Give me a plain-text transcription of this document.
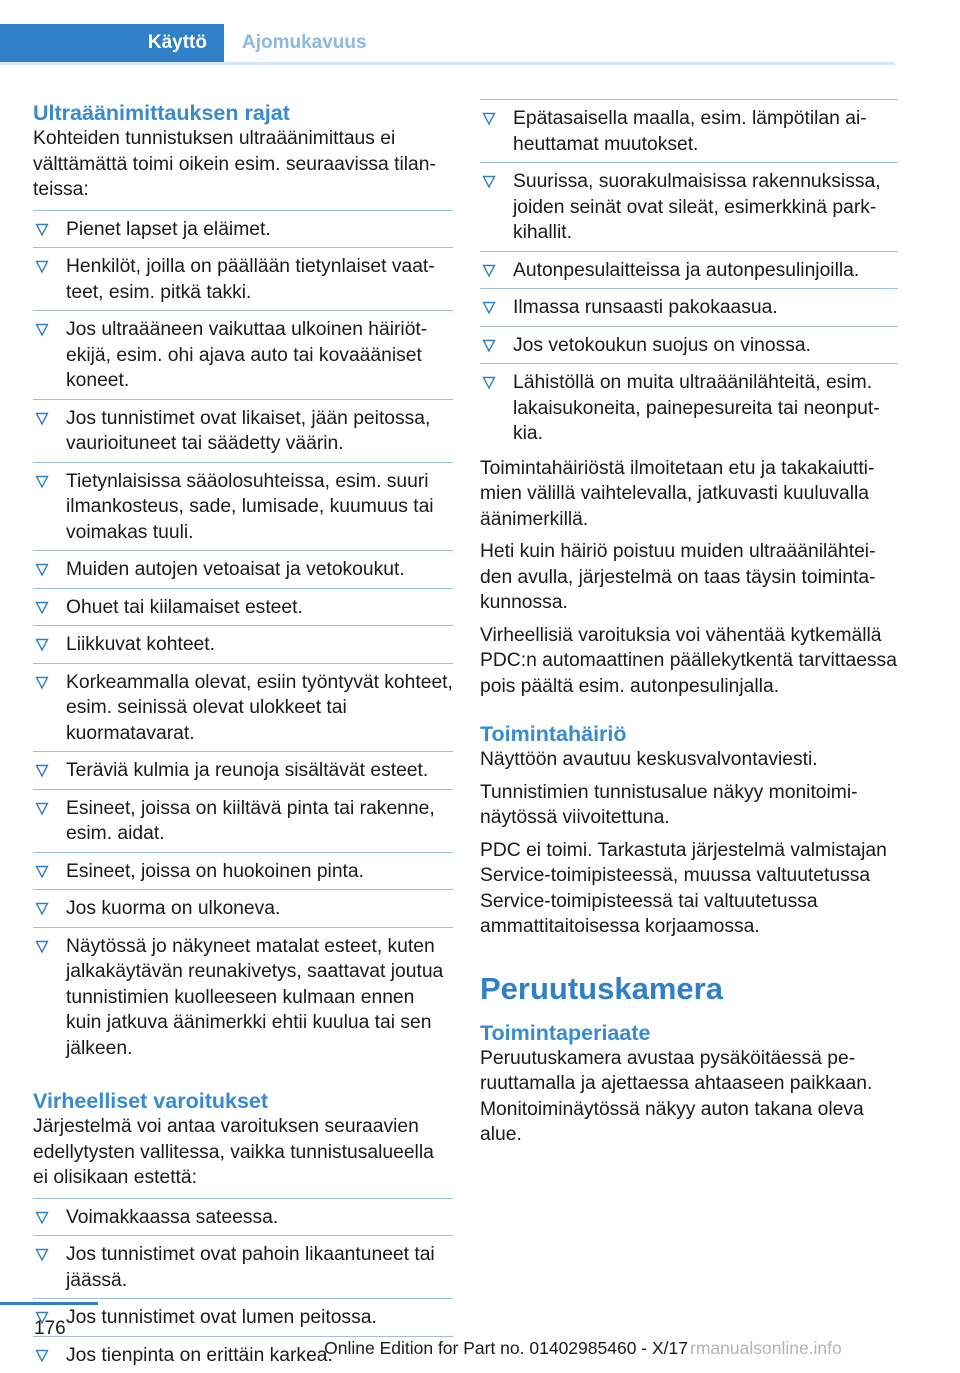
Käyttö Ajomukavuus
Ultraäänimittauksen rajat

Kohteiden tunnistuksen ultraäänimittaus ei välttämättä toimi oikein esim. seuraavissa tilanteissa:

Pienet lapset ja eläimet.
Henkilöt, joilla on päällään tietynlaiset vaatteet, esim. pitkä takki.
Jos ultraääneen vaikuttaa ulkoinen häiriötekijä, esim. ohi ajava auto tai kovaääniset koneet.
Jos tunnistimet ovat likaiset, jään peitossa, vaurioituneet tai säädetty väärin.
Tietynlaisissa sääolosuhteissa, esim. suuri ilmankosteus, sade, lumisade, kuumuus tai voimakas tuuli.
Muiden autojen vetoaisat ja vetokoukut.
Ohuet tai kiilamaiset esteet.
Liikkuvat kohteet.
Korkeammalla olevat, esiin työntyvät kohteet, esim. seinissä olevat ulokkeet tai kuormatavarat.
Teräviä kulmia ja reunoja sisältävät esteet.
Esineet, joissa on kiiltävä pinta tai rakenne, esim. aidat.
Esineet, joissa on huokoinen pinta.
Jos kuorma on ulkoneva.
Näytössä jo näkyneet matalat esteet, kuten jalkakäytävän reunakivetys, saattavat joutua tunnistimien kuolleeseen kulmaan ennen kuin jatkuva äänimerkki ehtii kuulua tai sen jälkeen.
Virheelliset varoitukset

Järjestelmä voi antaa varoituksen seuraavien edellytysten vallitessa, vaikka tunnistusalueella ei olisikaan estettä:

Voimakkaassa sateessa.
Jos tunnistimet ovat pahoin likaantuneet tai jäässä.
Jos tunnistimet ovat lumen peitossa.
Jos tienpinta on erittäin karkea.
Epätasaisella maalla, esim. lämpötilan aiheuttamat muutokset.
Suurissa, suorakulmaisissa rakennuksissa, joiden seinät ovat sileät, esimerkkinä parkkihallit.
Autonpesulaitteissa ja autonpesulinjoilla.
Ilmassa runsaasti pakokaasua.
Jos vetokoukun suojus on vinossa.
Lähistöllä on muita ultraäänilähteitä, esim. lakaisukoneita, painepesureita tai neonputkia.

Toimintahäiriöstä ilmoitetaan etu ja takakaiuttimien välillä vaihtelevalla, jatkuvasti kuuluvalla äänimerkillä.

Heti kuin häiriö poistuu muiden ultraäänilähteiden avulla, järjestelmä on taas täysin toimintakunnossa.

Virheellisiä varoituksia voi vähentää kytkemällä PDC:n automaattinen päällekytkentä tarvittaessa pois päältä esim. autonpesulinjalla.

Toimintahäiriö

Näyttöön avautuu keskusvalvontaviesti.

Tunnistimien tunnistusalue näkyy monitoiminäytössä viivoitettuna.

PDC ei toimi. Tarkastuta järjestelmä valmistajan Service-toimipisteessä, muussa valtuutetussa Service-toimipisteessä tai valtuutetussa ammattitaitoisessa korjaamossa.

Peruutuskamera
Toimintaperiaate

Peruutuskamera avustaa pysäköitäessä peruuttamalla ja ajettaessa ahtaaseen paikkaan. Monitoiminäytössä näkyy auton takana oleva alue.

176
Online Edition for Part no. 01402985460 - X/17 rmanualsonline.info
